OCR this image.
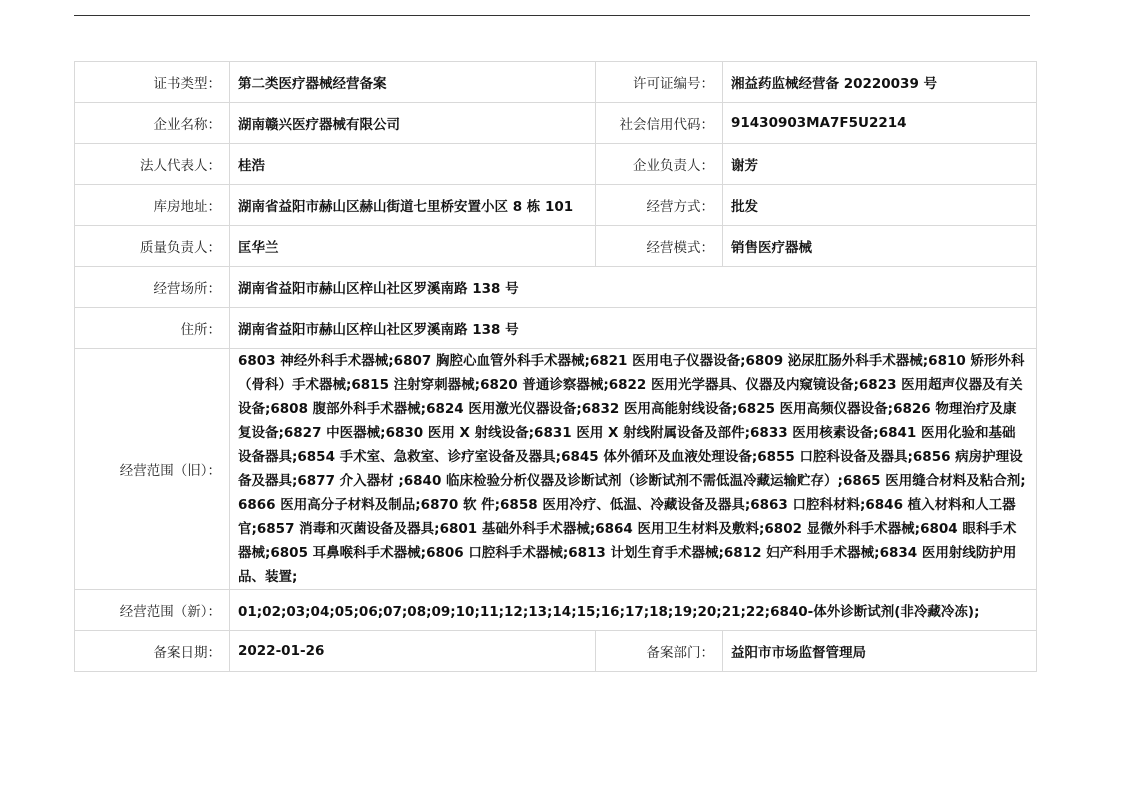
证书类型：	第二类医疗器械经营备案	许可证编号：	湘益药监械经营备 20220039 号
企业名称：	湖南赣兴医疗器械有限公司	社会信用代码：	91430903MA7F5U2214
法人代表人：	桂浩	企业负责人：	谢芳
库房地址：	湖南省益阳市赫山区赫山街道七里桥安置小区 8 栋 101	经营方式：	批发
质量负责人：	匡华兰	经营模式：	销售医疗器械
经营场所：	湖南省益阳市赫山区梓山社区罗溪南路 138 号		
住所：	湖南省益阳市赫山区梓山社区罗溪南路 138 号		
经营范围（旧）：	6803 神经外科手术器械;6807 胸腔心血管外科手术器械;6821 医用电子仪器设备;6809 泌尿肛肠外科手术器械;6810 矫形外科（骨科）手术器械;6815 注射穿刺器械;6820 普通诊察器械;6822 医用光学器具、仪器及内窥镜设备;6823 医用超声仪器及有关设备;6808 腹部外科手术器械;6824 医用激光仪器设备;6832 医用高能射线设备;6825 医用高频仪器设备;6826 物理治疗及康复设备;6827 中医器械;6830 医用 X 射线设备;6831 医用 X 射线附属设备及部件;6833 医用核素设备;6841 医用化验和基础设备器具;6854 手术室、急救室、诊疗室设备及器具;6845 体外循环及血液处理设备;6855 口腔科设备及器具;6856 病房护理设备及器具;6877 介入器材 ;6840 临床检验分析仪器及诊断试剂（诊断试剂不需低温冷藏运输贮存）;6865 医用缝合材料及粘合剂;6866 医用高分子材料及制品;6870 软 件;6858 医用冷疗、低温、冷藏设备及器具;6863 口腔科材料;6846 植入材料和人工器官;6857 消毒和灭菌设备及器具;6801 基础外科手术器械;6864 医用卫生材料及敷料;6802 显微外科手术器械;6804 眼科手术器械;6805 耳鼻喉科手术器械;6806 口腔科手术器械;6813 计划生育手术器械;6812 妇产科用手术器械;6834 医用射线防护用品、装置;		
经营范围（新）：	01;02;03;04;05;06;07;08;09;10;11;12;13;14;15;16;17;18;19;20;21;22;6840-体外诊断试剂(非冷藏冷冻);		
备案日期：	2022-01-26	备案部门：	益阳市市场监督管理局
